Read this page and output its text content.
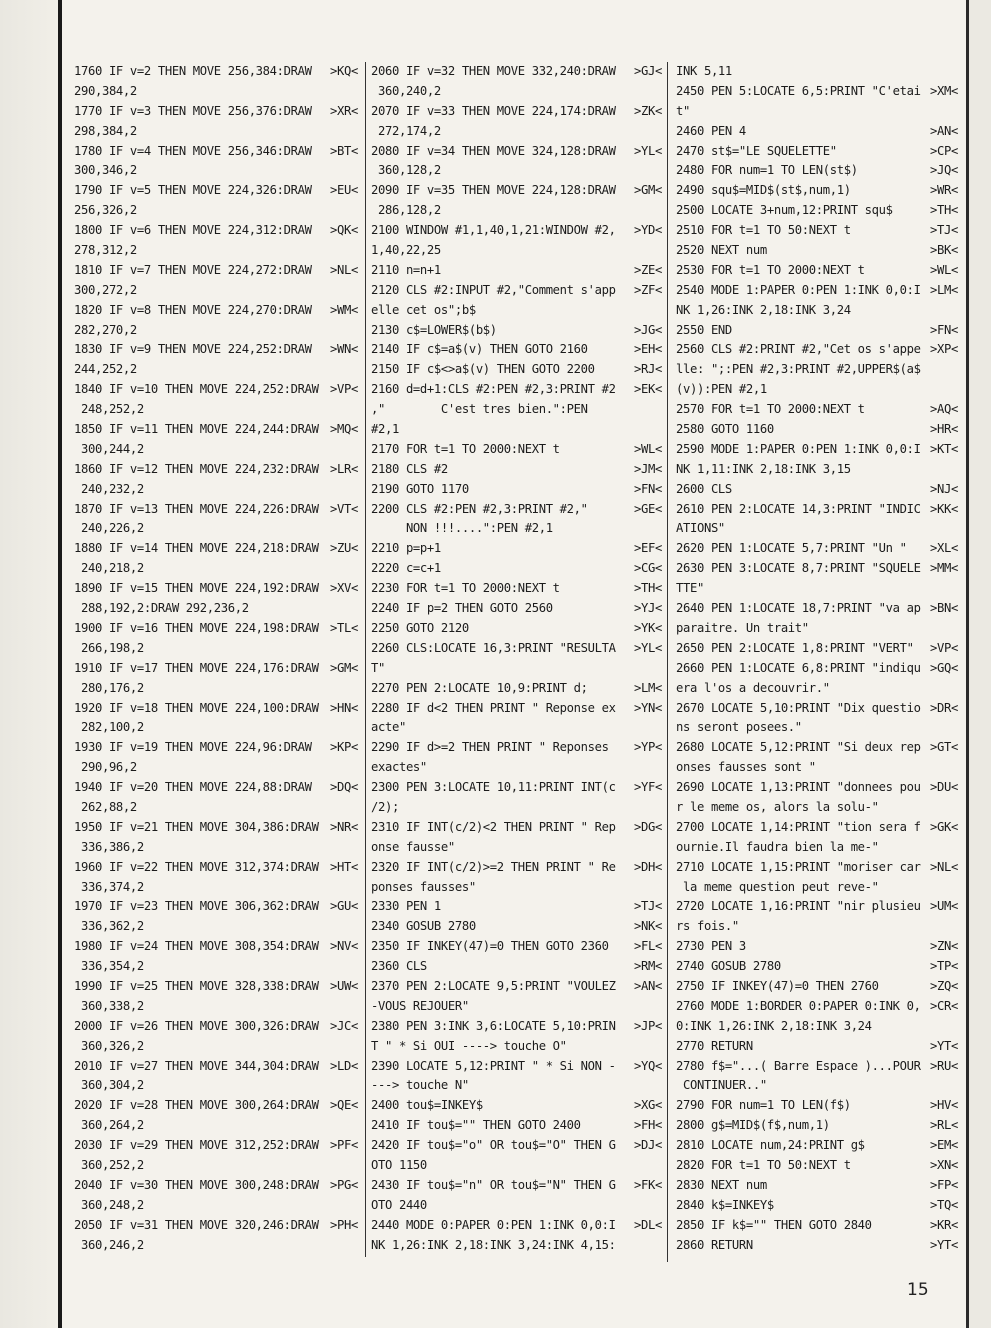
1760 IF v=2 THEN MOVE 256,384:DRAW >KQ<
290,384,2
1770 IF v=3 THEN MOVE 256,376:DRAW >XR<
298,384,2
1780 IF v=4 THEN MOVE 256,346:DRAW >BT<
300,346,2
1790 IF v=5 THEN MOVE 224,326:DRAW >EU<
256,326,2
1800 IF v=6 THEN MOVE 224,312:DRAW >QK<
278,312,2
1810 IF v=7 THEN MOVE 224,272:DRAW >NL<
300,272,2
1820 IF v=8 THEN MOVE 224,270:DRAW >WM<
282,270,2
1830 IF v=9 THEN MOVE 224,252:DRAW >WN<
244,252,2
1840 IF v=10 THEN MOVE 224,252:DRAW >VP<
248,252,2
1850 IF v=11 THEN MOVE 224,244:DRAW >MQ<
300,244,2
1860 IF v=12 THEN MOVE 224,232:DRAW >LR<
240,232,2
1870 IF v=13 THEN MOVE 224,226:DRAW >VT<
240,226,2
1880 IF v=14 THEN MOVE 224,218:DRAW >ZU<
240,218,2
1890 IF v=15 THEN MOVE 224,192:DRAW >XV<
288,192,2:DRAW 292,236,2
1900 IF v=16 THEN MOVE 224,198:DRAW >TL<
266,198,2
1910 IF v=17 THEN MOVE 224,176:DRAW >GM<
280,176,2
1920 IF v=18 THEN MOVE 224,100:DRAW >HN<
282,100,2
1930 IF v=19 THEN MOVE 224,96:DRAW >KP<
290,96,2
1940 IF v=20 THEN MOVE 224,88:DRAW >DQ<
262,88,2
1950 IF v=21 THEN MOVE 304,386:DRAW >NR<
336,386,2
1960 IF v=22 THEN MOVE 312,374:DRAW >HT<
336,374,2
1970 IF v=23 THEN MOVE 306,362:DRAW >GU<
336,362,2
1980 IF v=24 THEN MOVE 308,354:DRAW >NV<
336,354,2
1990 IF v=25 THEN MOVE 328,338:DRAW >UW<
360,338,2
2000 IF v=26 THEN MOVE 300,326:DRAW >JC<
360,326,2
2010 IF v=27 THEN MOVE 344,304:DRAW >LD<
360,304,2
2020 IF v=28 THEN MOVE 300,264:DRAW >QE<
360,264,2
2030 IF v=29 THEN MOVE 312,252:DRAW >PF<
360,252,2
2040 IF v=30 THEN MOVE 300,248:DRAW >PG<
360,248,2
2050 IF v=31 THEN MOVE 320,246:DRAW >PH<
360,246,2
2060 IF v=32 THEN MOVE 332,240:DRAW >GJ<
360,240,2
2070 IF v=33 THEN MOVE 224,174:DRAW >ZK<
272,174,2
2080 IF v=34 THEN MOVE 324,128:DRAW >YL<
360,128,2
2090 IF v=35 THEN MOVE 224,128:DRAW >GM<
286,128,2
2100 WINDOW #1,1,40,1,21:WINDOW #2, >YD<
1,40,22,25
2110 n=n+1	>ZE<
2120 CLS #2:INPUT #2,"Comment s'app >ZF<
elle cet os";b$
2130 c$=LOWER$(b$)	>JG<
2140 IF c$=a$(v) THEN GOTO 2160	>EH<
2150 IF c$<>a$(v) THEN GOTO 2200	>RJ<
2160 d=d+1:CLS #2:PEN #2,3:PRINT #2 >EK<
,"        C'est tres bien.":PEN
#2,1
2170 FOR t=1 TO 2000:NEXT t	>WL<
2180 CLS #2	>JM<
2190 GOTO 1170	>FN<
2200 CLS #2:PEN #2,3:PRINT #2,"	>GE<
NON !!!....":PEN #2,1
2210 p=p+1	>EF<
2220 c=c+1	>CG<
2230 FOR t=1 TO 2000:NEXT t	>TH<
2240 IF p=2 THEN GOTO 2560	>YJ<
2250 GOTO 2120	>YK<
2260 CLS:LOCATE 16,3:PRINT "RESULTA >YL<
T"
2270 PEN 2:LOCATE 10,9:PRINT d;	>LM<
2280 IF d<2 THEN PRINT " Reponse ex >YN<
acte"
2290 IF d>=2 THEN PRINT " Reponses >YP<
exactes"
2300 PEN 3:LOCATE 10,11:PRINT INT(c >YF<
/2);
2310 IF INT(c/2)<2 THEN PRINT " Rep >DG<
onse fausse"
2320 IF INT(c/2)>=2 THEN PRINT " Re >DH<
ponses fausses"
2330 PEN 1	>TJ<
2340 GOSUB 2780	>NK<
2350 IF INKEY(47)=0 THEN GOTO 2360 >FL<
2360 CLS	>RM<
2370 PEN 2:LOCATE 9,5:PRINT "VOULEZ >AN<
-VOUS REJOUER"
2380 PEN 3:INK 3,6:LOCATE 5,10:PRIN >JP<
T " * Si OUI ----> touche O"
2390 LOCATE 5,12:PRINT " * Si NON - >YQ<
---> touche N"
2400 tou$=INKEY$	>XG<
2410 IF tou$="" THEN GOTO 2400	>FH<
2420 IF tou$="o" OR tou$="O" THEN G >DJ<
OTO 1150
2430 IF tou$="n" OR tou$="N" THEN G >FK<
OTO 2440
2440 MODE 0:PAPER 0:PEN 1:INK 0,0:I >DL<
NK 1,26:INK 2,18:INK 3,24:INK 4,15:
INK 5,11
2450 PEN 5:LOCATE 6,5:PRINT "C'etai >XM<
t"
2460 PEN 4	>AN<
2470 st$="LE SQUELETTE"	>CP<
2480 FOR num=1 TO LEN(st$)	>JQ<
2490 squ$=MID$(st$,num,1)	>WR<
2500 LOCATE 3+num,12:PRINT squ$	>TH<
2510 FOR t=1 TO 50:NEXT t	>TJ<
2520 NEXT num	>BK<
2530 FOR t=1 TO 2000:NEXT t	>WL<
2540 MODE 1:PAPER 0:PEN 1:INK 0,0:I >LM<
NK 1,26:INK 2,18:INK 3,24
2550 END	>FN<
2560 CLS #2:PRINT #2,"Cet os s'appe >XP<
lle: ";:PEN #2,3:PRINT #2,UPPER$(a$
(v)):PEN #2,1
2570 FOR t=1 TO 2000:NEXT t	>AQ<
2580 GOTO 1160	>HR<
2590 MODE 1:PAPER 0:PEN 1:INK 0,0:I >KT<
NK 1,11:INK 2,18:INK 3,15
2600 CLS	>NJ<
2610 PEN 2:LOCATE 14,3:PRINT "INDIC >KK<
ATIONS"
2620 PEN 1:LOCATE 5,7:PRINT "Un " >XL<
2630 PEN 3:LOCATE 8,7:PRINT "SQUELE >MM<
TTE"
2640 PEN 1:LOCATE 18,7:PRINT "va ap >BN<
paraitre. Un trait"
2650 PEN 2:LOCATE 1,8:PRINT "VERT" >VP<
2660 PEN 1:LOCATE 6,8:PRINT "indiqu >GQ<
era l'os a decouvrir."
2670 LOCATE 5,10:PRINT "Dix questio >DR<
ns seront posees."
2680 LOCATE 5,12:PRINT "Si deux rep >GT<
onses fausses sont "
2690 LOCATE 1,13:PRINT "donnees pou >DU<
r le meme os, alors la solu-"
2700 LOCATE 1,14:PRINT "tion sera f >GK<
ournie.Il faudra bien la me-"
2710 LOCATE 1,15:PRINT "moriser car >NL<
la meme question peut reve-"
2720 LOCATE 1,16:PRINT "nir plusieu >UM<
rs fois."
2730 PEN 3	>ZN<
2740 GOSUB 2780	>TP<
2750 IF INKEY(47)=0 THEN 2760	>ZQ<
2760 MODE 1:BORDER 0:PAPER 0:INK 0, >CR<
0:INK 1,26:INK 2,18:INK 3,24
2770 RETURN	>YT<
2780 f$="...( Barre Espace )...POUR >RU<
CONTINUER.."
2790 FOR num=1 TO LEN(f$)	>HV<
2800 g$=MID$(f$,num,1)	>RL<
2810 LOCATE num,24:PRINT g$	>EM<
2820 FOR t=1 TO 50:NEXT t	>XN<
2830 NEXT num	>FP<
2840 k$=INKEY$	>TQ<
2850 IF k$="" THEN GOTO 2840	>KR<
2860 RETURN	>YT<
15
